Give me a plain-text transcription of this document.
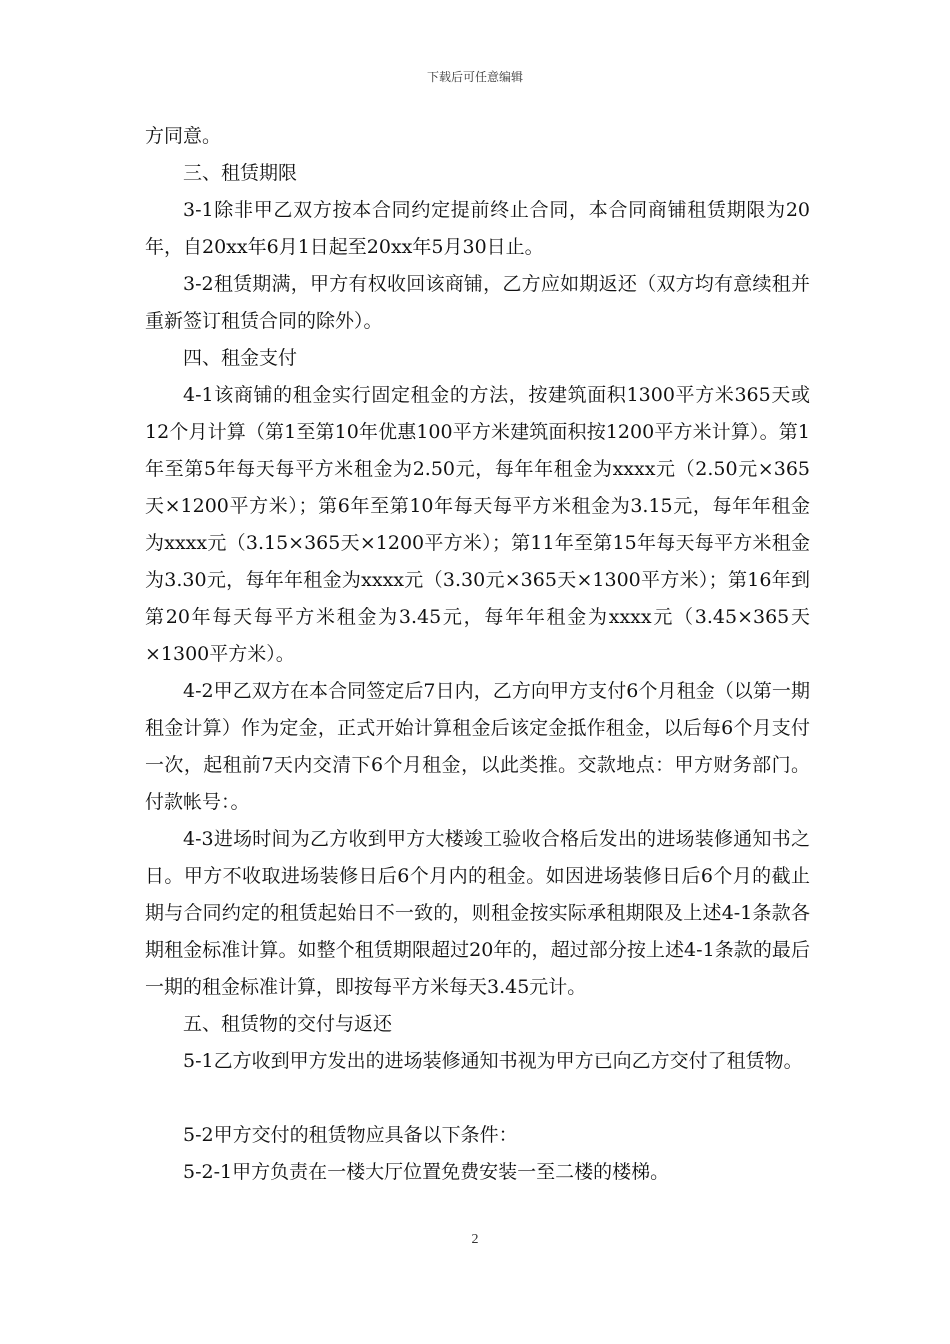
下载后可任意编辑

方同意。

三、租赁期限

3-1除非甲乙双方按本合同约定提前终止合同，本合同商铺租赁期限为20年，自20xx年6月1日起至20xx年5月30日止。

3-2租赁期满，甲方有权收回该商铺，乙方应如期返还（双方均有意续租并重新签订租赁合同的除外）。

四、租金支付

4-1该商铺的租金实行固定租金的方法，按建筑面积1300平方米365天或12个月计算（第1至第10年优惠100平方米建筑面积按1200平方米计算）。第1年至第5年每天每平方米租金为2.50元，每年年租金为xxxx元（2.50元×365天×1200平方米）；第6年至第10年每天每平方米租金为3.15元，每年年租金为xxxx元（3.15×365天×1200平方米）；第11年至第15年每天每平方米租金为3.30元，每年年租金为xxxx元（3.30元×365天×1300平方米）；第16年到第20年每天每平方米租金为3.45元，每年年租金为xxxx元（3.45×365天×1300平方米）。

4-2甲乙双方在本合同签定后7日内，乙方向甲方支付6个月租金（以第一期租金计算）作为定金，正式开始计算租金后该定金抵作租金，以后每6个月支付一次，起租前7天内交清下6个月租金，以此类推。交款地点：甲方财务部门。付款帐号：。

4-3进场时间为乙方收到甲方大楼竣工验收合格后发出的进场装修通知书之日。甲方不收取进场装修日后6个月内的租金。如因进场装修日后6个月的截止期与合同约定的租赁起始日不一致的，则租金按实际承租期限及上述4-1条款各期租金标准计算。如整个租赁期限超过20年的，超过部分按上述4-1条款的最后一期的租金标准计算，即按每平方米每天3.45元计。

五、租赁物的交付与返还

5-1乙方收到甲方发出的进场装修通知书视为甲方已向乙方交付了租赁物。

5-2甲方交付的租赁物应具备以下条件：

5-2-1甲方负责在一楼大厅位置免费安装一至二楼的楼梯。

2
